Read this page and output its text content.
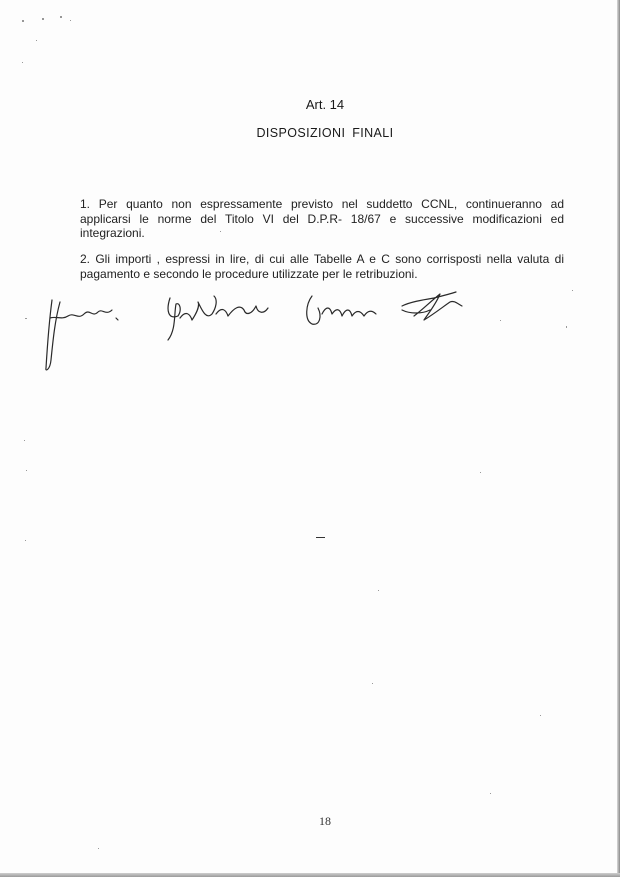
Art. 14
DISPOSIZIONI FINALI

1. Per quanto non espressamente previsto nel suddetto CCNL, continueranno ad applicarsi le norme del Titolo VI del D.P.R- 18/67 e successive modificazioni ed integrazioni.

2. Gli importi , espressi in lire, di cui alle Tabelle A e C sono corrisposti nella valuta di pagamento e secondo le procedure utilizzate per le retribuzioni.

18
